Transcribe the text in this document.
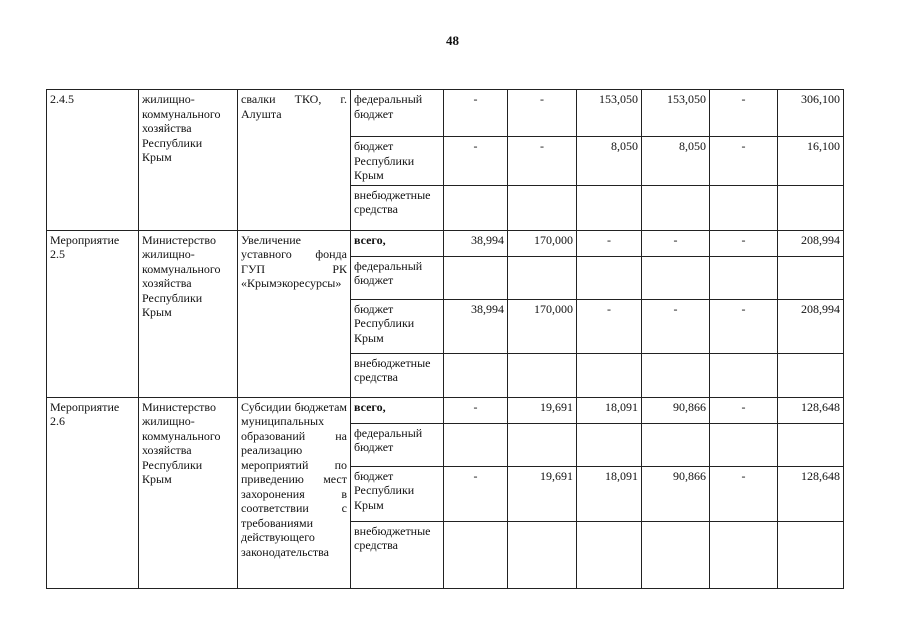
48
2.4.5	жилищно-коммунального хозяйства Республики Крым	свалки ТКО, г. Алушта	федеральный бюджет	-	-	153,050	153,050	-	306,100
			бюджет Республики Крым	-	-	8,050	8,050	-	16,100
			внебюджетные средства						
Мероприятие 2.5	Министерство жилищно-коммунального хозяйства Республики Крым	Увеличение уставного фонда ГУП РК «Крымэкоресурсы»	всего,	38,994	170,000	-	-	-	208,994
			федеральный бюджет						
			бюджет Республики Крым	38,994	170,000	-	-	-	208,994
			внебюджетные средства						
Мероприятие 2.6	Министерство жилищно-коммунального хозяйства Республики Крым	Субсидии бюджетам муниципальных образований на реализацию мероприятий по приведению мест захоронения в соответствии с требованиями действующего законодательства	всего,	-	19,691	18,091	90,866	-	128,648
			федеральный бюджет						
			бюджет Республики Крым	-	19,691	18,091	90,866	-	128,648
			внебюджетные средства						
